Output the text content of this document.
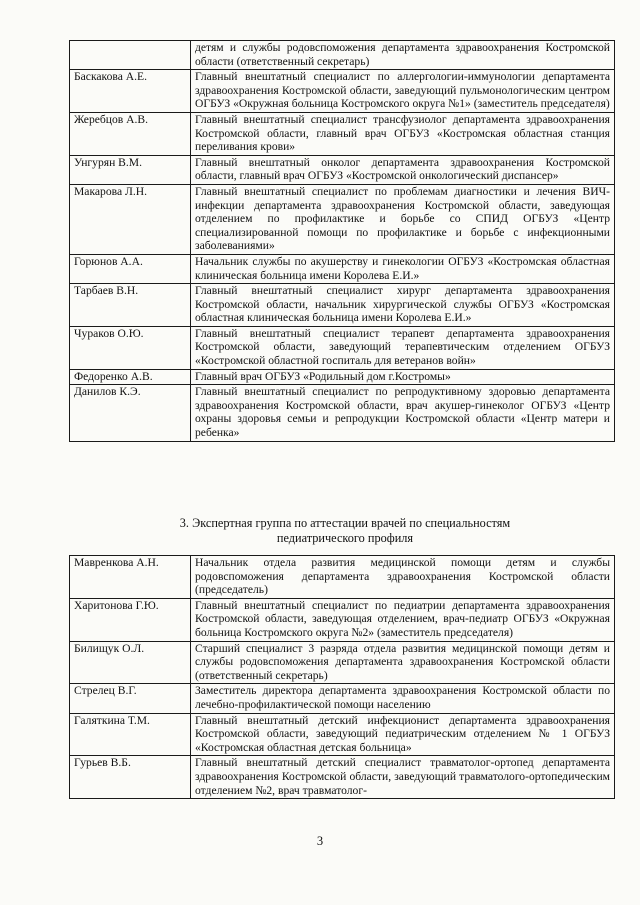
	детям и службы родовспоможения департамента здравоохранения Костромской области (ответственный секретарь)
Баскакова А.Е.	Главный внештатный специалист по аллергологии-иммунологии департамента здравоохранения Костромской области, заведующий пульмонологическим центром ОГБУЗ «Окружная больница Костромского округа №1» (заместитель председателя)
Жеребцов А.В.	Главный внештатный специалист трансфузиолог департамента здравоохранения Костромской области, главный врач ОГБУЗ «Костромская областная станция переливания крови»
Унгурян В.М.	Главный внештатный онколог департамента здравоохранения Костромской области, главный врач ОГБУЗ «Костромской онкологический диспансер»
Макарова Л.Н.	Главный внештатный специалист по проблемам диагностики и лечения ВИЧ-инфекции департамента здравоохранения Костромской области, заведующая отделением по профилактике и борьбе со СПИД ОГБУЗ «Центр специализированной помощи по профилактике и борьбе с инфекционными заболеваниями»
Горюнов А.А.	Начальник службы по акушерству и гинекологии ОГБУЗ «Костромская областная клиническая больница имени Королева Е.И.»
Тарбаев В.Н.	Главный внештатный специалист хирург департамента здравоохранения Костромской области, начальник хирургической службы ОГБУЗ «Костромская областная клиническая больница имени Королева Е.И.»
Чураков О.Ю.	Главный внештатный специалист терапевт департамента здравоохранения Костромской области, заведующий терапевтическим отделением ОГБУЗ «Костромской областной госпиталь для ветеранов войн»
Федоренко А.В.	Главный врач ОГБУЗ «Родильный дом г.Костромы»
Данилов К.Э.	Главный внештатный специалист по репродуктивному здоровью департамента здравоохранения Костромской области, врач акушер-гинеколог ОГБУЗ «Центр охраны здоровья семьи и репродукции Костромской области «Центр матери и ребенка»
3. Экспертная группа по аттестации врачей по специальностям
педиатрического профиля
Мавренкова А.Н.	Начальник отдела развития медицинской помощи детям и службы родовспоможения департамента здравоохранения Костромской области (председатель)
Харитонова Г.Ю.	Главный внештатный специалист по педиатрии департамента здравоохранения Костромской области, заведующая отделением, врач-педиатр ОГБУЗ «Окружная больница Костромского округа №2» (заместитель председателя)
Билищук О.Л.	Старший специалист 3 разряда отдела развития медицинской помощи детям и службы родовспоможения департамента здравоохранения Костромской области (ответственный секретарь)
Стрелец В.Г.	Заместитель директора департамента здравоохранения Костромской области по лечебно-профилактической помощи населению
Галяткина Т.М.	Главный внештатный детский инфекционист департамента здравоохранения Костромской области, заведующий педиатрическим отделением № 1 ОГБУЗ «Костромская областная детская больница»
Гурьев В.Б.	Главный внештатный детский специалист травматолог-ортопед департамента здравоохранения Костромской области, заведующий травматолого-ортопедическим отделением №2, врач травматолог-
3
